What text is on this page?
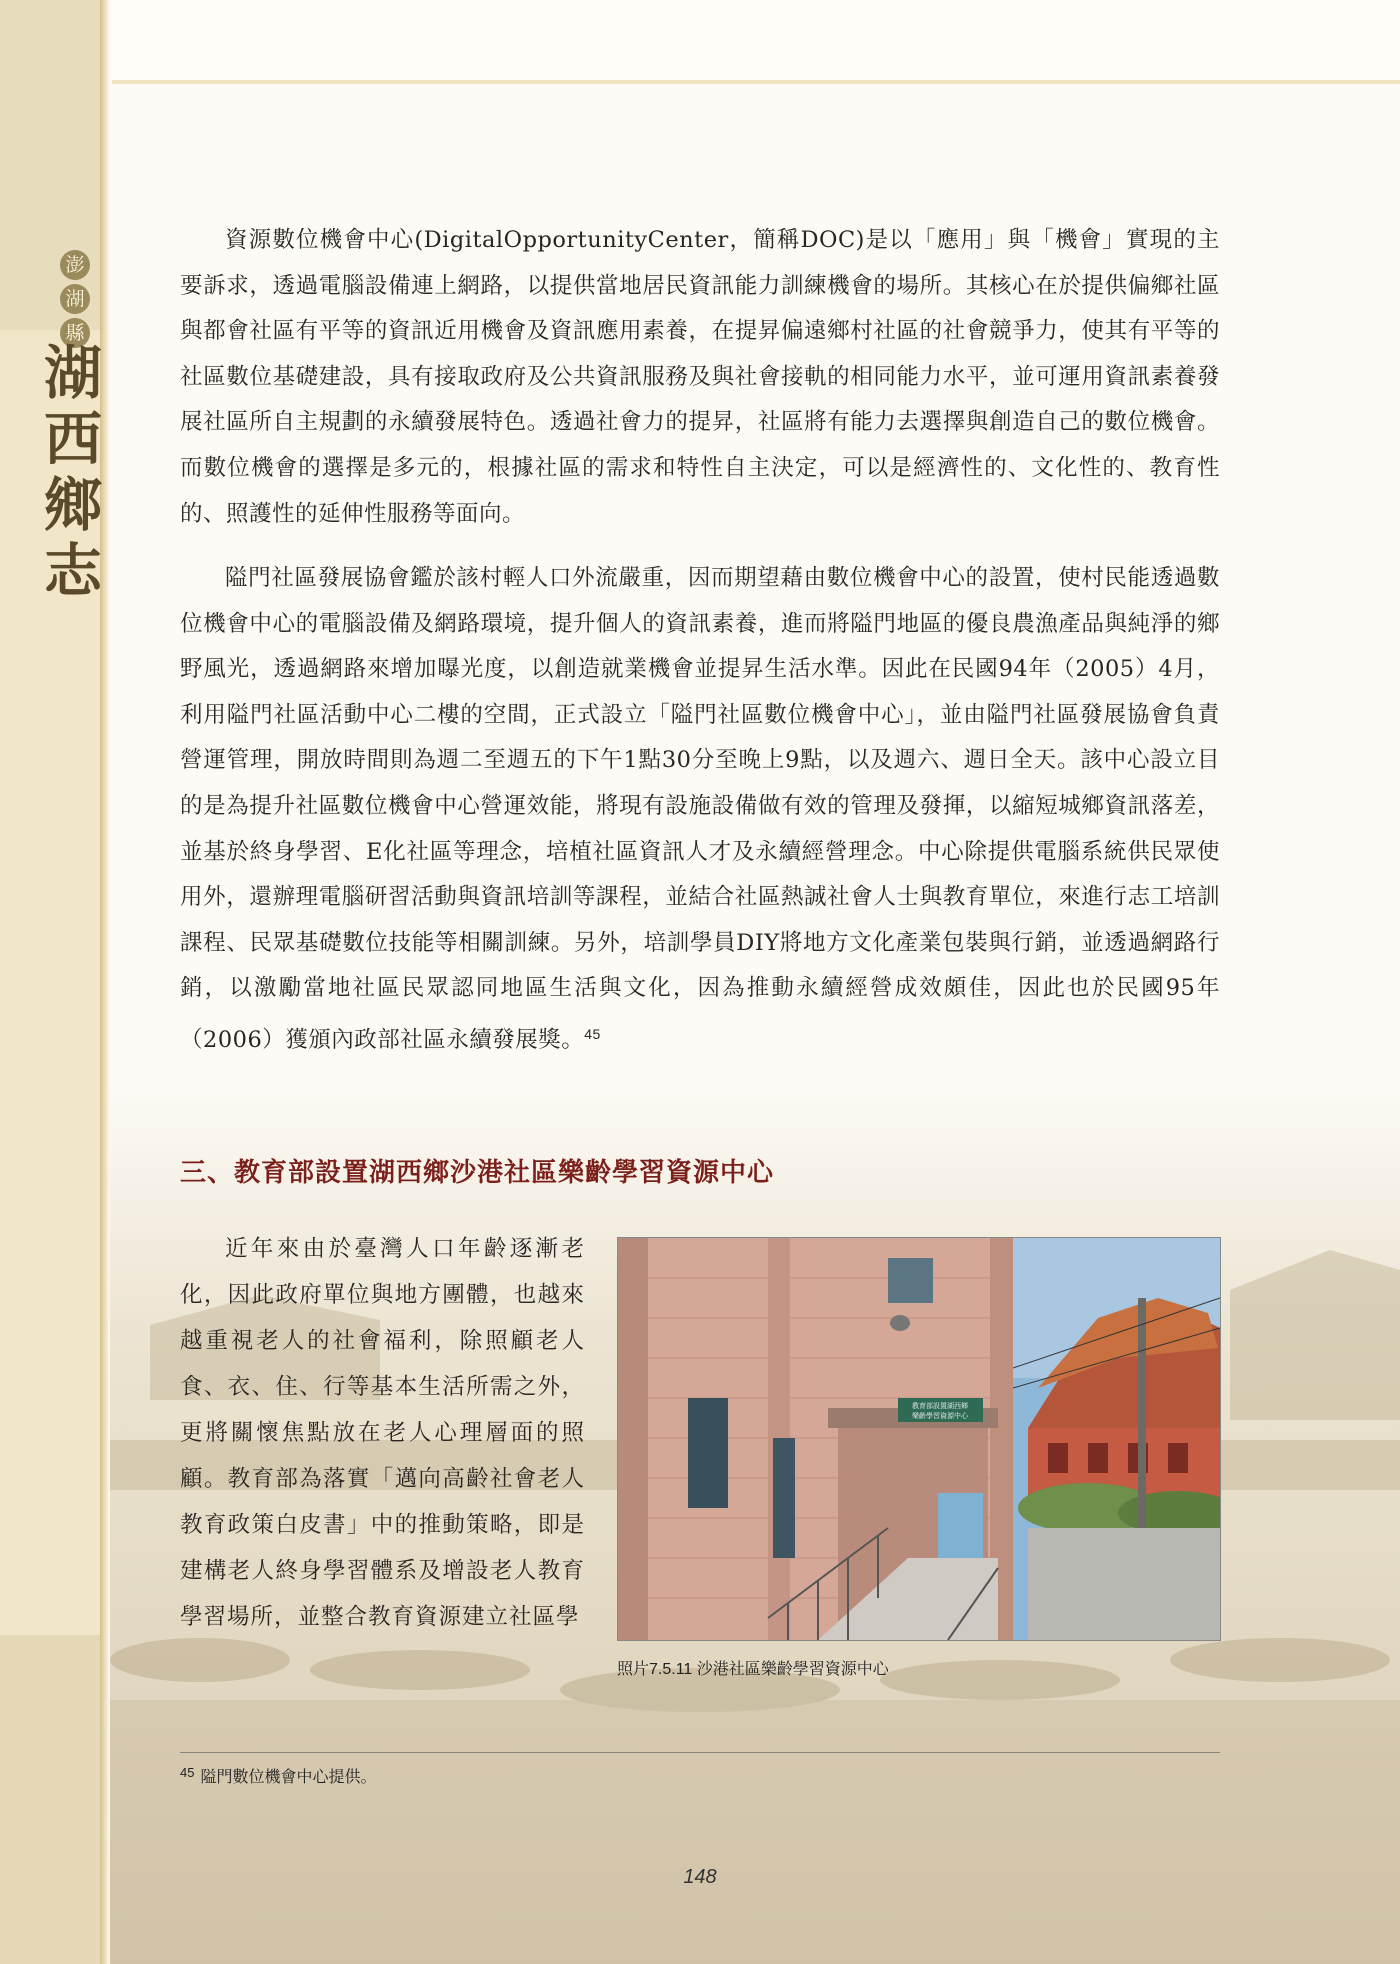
澎
湖
縣
湖
西
鄉
志

資源數位機會中心(DigitalOpportunityCenter，簡稱DOC)是以「應用」與「機會」實現的主要訴求，透過電腦設備連上網路，以提供當地居民資訊能力訓練機會的場所。其核心在於提供偏鄉社區與都會社區有平等的資訊近用機會及資訊應用素養，在提昇偏遠鄉村社區的社會競爭力，使其有平等的社區數位基礎建設，具有接取政府及公共資訊服務及與社會接軌的相同能力水平，並可運用資訊素養發展社區所自主規劃的永續發展特色。透過社會力的提昇，社區將有能力去選擇與創造自己的數位機會。而數位機會的選擇是多元的，根據社區的需求和特性自主決定，可以是經濟性的、文化性的、教育性的、照護性的延伸性服務等面向。

隘門社區發展協會鑑於該村輕人口外流嚴重，因而期望藉由數位機會中心的設置，使村民能透過數位機會中心的電腦設備及網路環境，提升個人的資訊素養，進而將隘門地區的優良農漁產品與純淨的鄉野風光，透過網路來增加曝光度，以創造就業機會並提昇生活水準。因此在民國94年（2005）4月，利用隘門社區活動中心二樓的空間，正式設立「隘門社區數位機會中心」，並由隘門社區發展協會負責營運管理，開放時間則為週二至週五的下午1點30分至晚上9點，以及週六、週日全天。該中心設立目的是為提升社區數位機會中心營運效能，將現有設施設備做有效的管理及發揮，以縮短城鄉資訊落差，並基於終身學習、E化社區等理念，培植社區資訊人才及永續經營理念。中心除提供電腦系統供民眾使用外，還辦理電腦研習活動與資訊培訓等課程，並結合社區熱誠社會人士與教育單位，來進行志工培訓課程、民眾基礎數位技能等相關訓練。另外，培訓學員DIY將地方文化產業包裝與行銷，並透過網路行銷，以激勵當地社區民眾認同地區生活與文化，因為推動永續經營成效頗佳，因此也於民國95年（2006）獲頒內政部社區永續發展獎。$^{45}$

三、教育部設置湖西鄉沙港社區樂齡學習資源中心

近年來由於臺灣人口年齡逐漸老化，因此政府單位與地方團體，也越來越重視老人的社會福利，除照顧老人食、衣、住、行等基本生活所需之外，更將關懷焦點放在老人心理層面的照顧。教育部為落實「邁向高齡社會老人教育政策白皮書」中的推動策略，即是建構老人終身學習體系及增設老人教育學習場所，並整合教育資源建立社區學

教育部設置湖西鄉
樂齡學習資源中心
照片7.5.11 沙港社區樂齡學習資源中心
$^{45}$ 隘門數位機會中心提供。
148
